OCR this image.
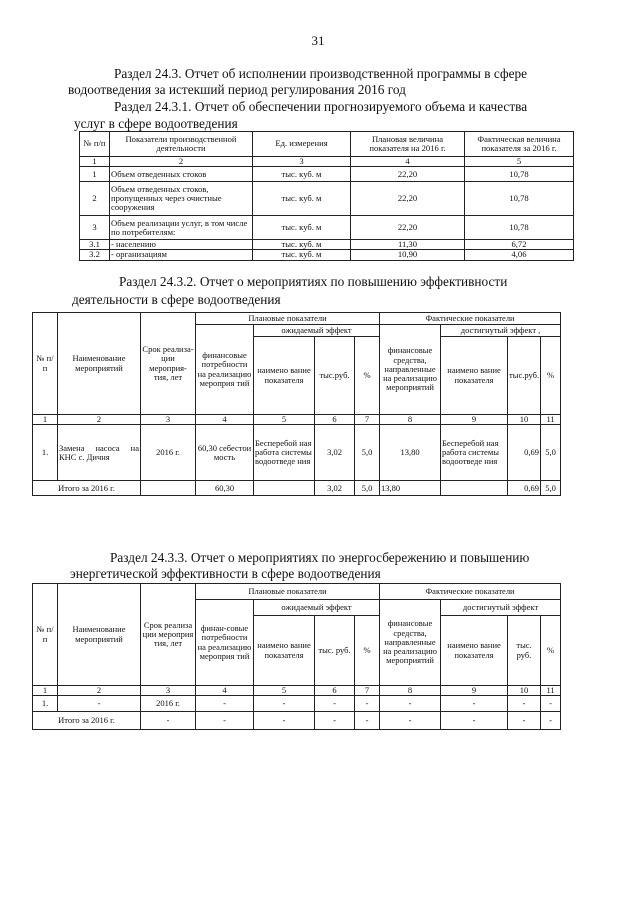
31
Раздел 24.3. Отчет об исполнении производственной программы в сфере
водоотведения за истекший период регулирования 2016 год
Раздел 24.3.1. Отчет об обеспечении прогнозируемого объема и качества
услуг в сфере водоотведения
№ п/п	Показатели производственной деятельности	Ед. измерения	Плановая величина показателя на 2016 г.	Фактическая величина показателя за 2016 г.
1	2	3	4	5
1	Объем отведенных стоков	тыс. куб. м	22,20	10,78
2	Объем отведенных стоков, пропущенных через очистные сооружения	тыс. куб. м	22,20	10,78
3	Объем реализации услуг, в том числе по потребителям:	тыс. куб. м	22,20	10,78
3.1	- населению	тыс. куб. м	11,30	6,72
3.2	- организациям	тыс. куб. м	10,90	4,06
Раздел 24.3.2. Отчет о мероприятиях по повышению эффективности
деятельности в сфере водоотведения
№ п/ п	Наименование мероприятий	Срок реализа-ции мероприя-тия, лет	Плановые показатели				Фактические показатели			
			финансовые потребности на реализацию мероприя тий	ожидаемый эффект			финансовые средства, направленные на реализацию мероприятий	достигнутый эффект ,		
				наимено вание показателя	тыс.руб.	%		наимено вание показателя	тыс.руб.	%
1	2	3	4	5	6	7	8	9	10	11
1.	Замена насоса на КНС с. Дичня	2016 г.	60,30 себестои мость	Бесперебой ная работа системы водоотведе ния	3,02	5,0	13,80	Бесперебой ная работа системы водоотведе ния	0,69	5,0
Итого за 2016 г.			60,30		3,02	5,0	13,80		0,69	5,0
Раздел 24.3.3. Отчет о мероприятиях по энергосбережению и повышению
энергетической эффективности в сфере водоотведения
№ п/ п	Наименование мероприятий	Срок реализа ции мероприя тия, лет	Плановые показатели				Фактические показатели			
			финан-совые потребности на реализацию мероприя тий	ожидаемый эффект			финансовые средства, направленные на реализацию мероприятий	достигнутый эффект		
				наимено вание показателя	тыс. руб.	%		наимено вание показателя	тыс. руб.	%
1	2	3	4	5	6	7	8	9	10	11
1.	-	2016 г.	-	-	-	-	-	-	-	-
Итого за 2016 г.		-	-	-	-	-	-	-	-	-
